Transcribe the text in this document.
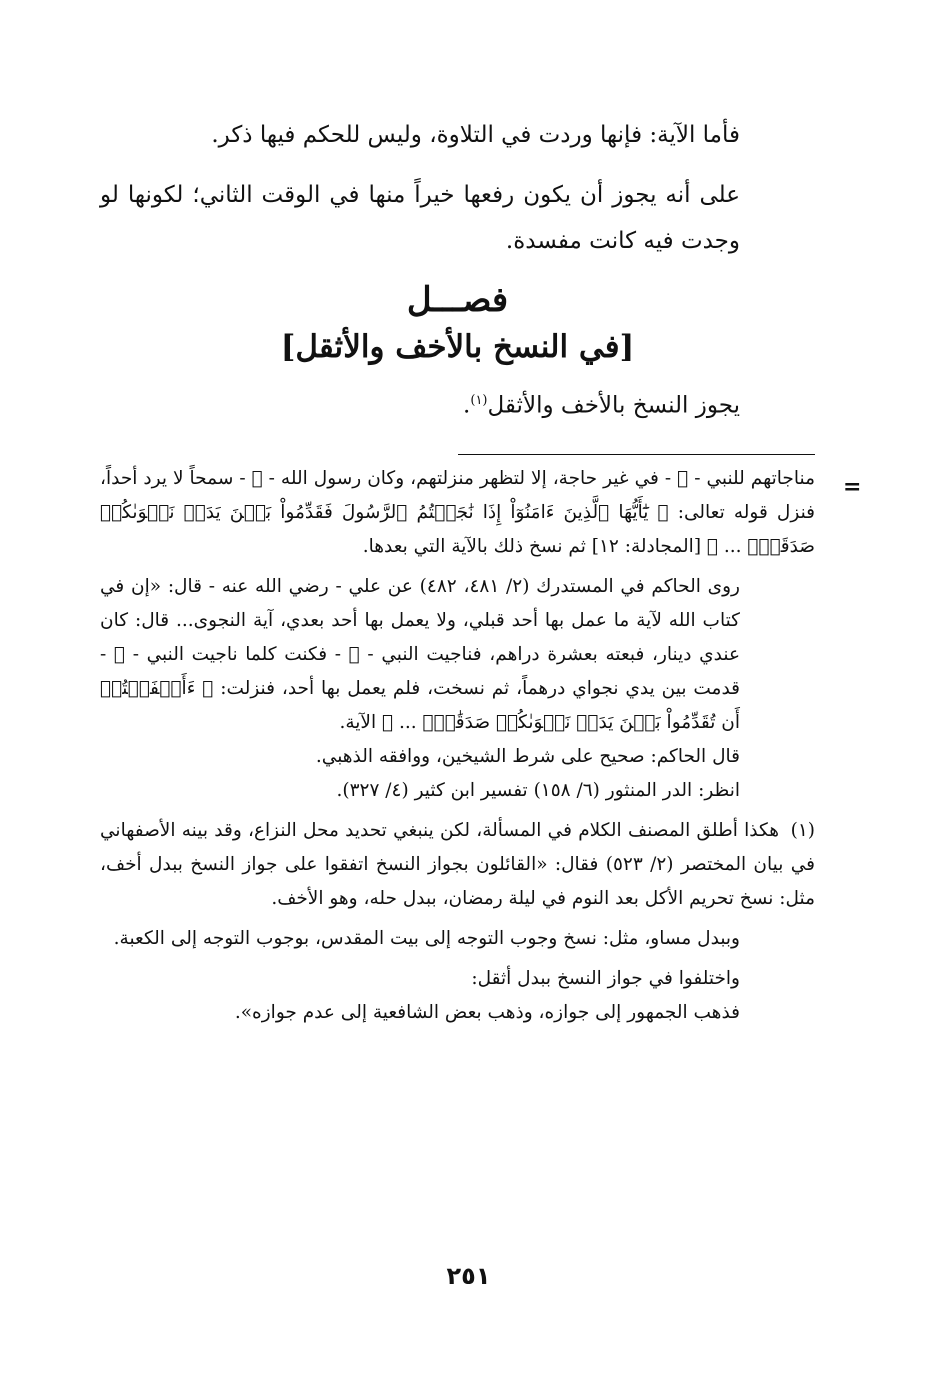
فأما الآية: فإنها وردت في التلاوة، وليس للحكم فيها ذكر.

على أنه يجوز أن يكون رفعها خيراً منها في الوقت الثاني؛ لكونها لو وجدت فيه كانت مفسدة.

فصـــل
[في النسخ بالأخف والأثقل]

يجوز النسخ بالأخف والأثقل$^{(١)}$.

=

مناجاتهم للنبي - ﷺ - في غير حاجة، إلا لتظهر منزلتهم، وكان رسول الله - ﷺ - سمحاً لا يرد أحداً، فنزل قوله تعالى: ﴿ يَٰٓأَيُّهَا ٱلَّذِينَ ءَامَنُوٓاْ إِذَا نَٰجَيۡتُمُ ٱلرَّسُولَ فَقَدِّمُواْ بَيۡنَ يَدَيۡ نَجۡوَىٰكُمۡ صَدَقَةٗۚ ... ﴾ [المجادلة: ١٢] ثم نسخ ذلك بالآية التي بعدها.

روى الحاكم في المستدرك (٢/ ٤٨١، ٤٨٢) عن علي - رضي الله عنه - قال: «إن في كتاب الله لآية ما عمل بها أحد قبلي، ولا يعمل بها أحد بعدي، آية النجوى... قال: كان عندي دينار، فبعته بعشرة دراهم، فناجيت النبي - ﷺ - فكنت كلما ناجيت النبي - ﷺ - قدمت بين يدي نجواي درهماً، ثم نسخت، فلم يعمل بها أحد، فنزلت: ﴿ ءَأَشۡفَقۡتُمۡ أَن تُقَدِّمُواْ بَيۡنَ يَدَيۡ نَجۡوَىٰكُمۡ صَدَقَٰتٖۚ ... ﴾ الآية.

قال الحاكم: صحيح على شرط الشيخين، ووافقه الذهبي.

انظر: الدر المنثور (٦/ ١٥٨) تفسير ابن كثير (٤/ ٣٢٧).

(١)هكذا أطلق المصنف الكلام في المسألة، لكن ينبغي تحديد محل النزاع، وقد بينه الأصفهاني في بيان المختصر (٢/ ٥٢٣) فقال: «القائلون بجواز النسخ اتفقوا على جواز النسخ ببدل أخف، مثل: نسخ تحريم الأكل بعد النوم في ليلة رمضان، ببدل حله، وهو الأخف.

وببدل مساو، مثل: نسخ وجوب التوجه إلى بيت المقدس، بوجوب التوجه إلى الكعبة.

واختلفوا في جواز النسخ ببدل أثقل:

فذهب الجمهور إلى جوازه، وذهب بعض الشافعية إلى عدم جوازه».

٢٥١
